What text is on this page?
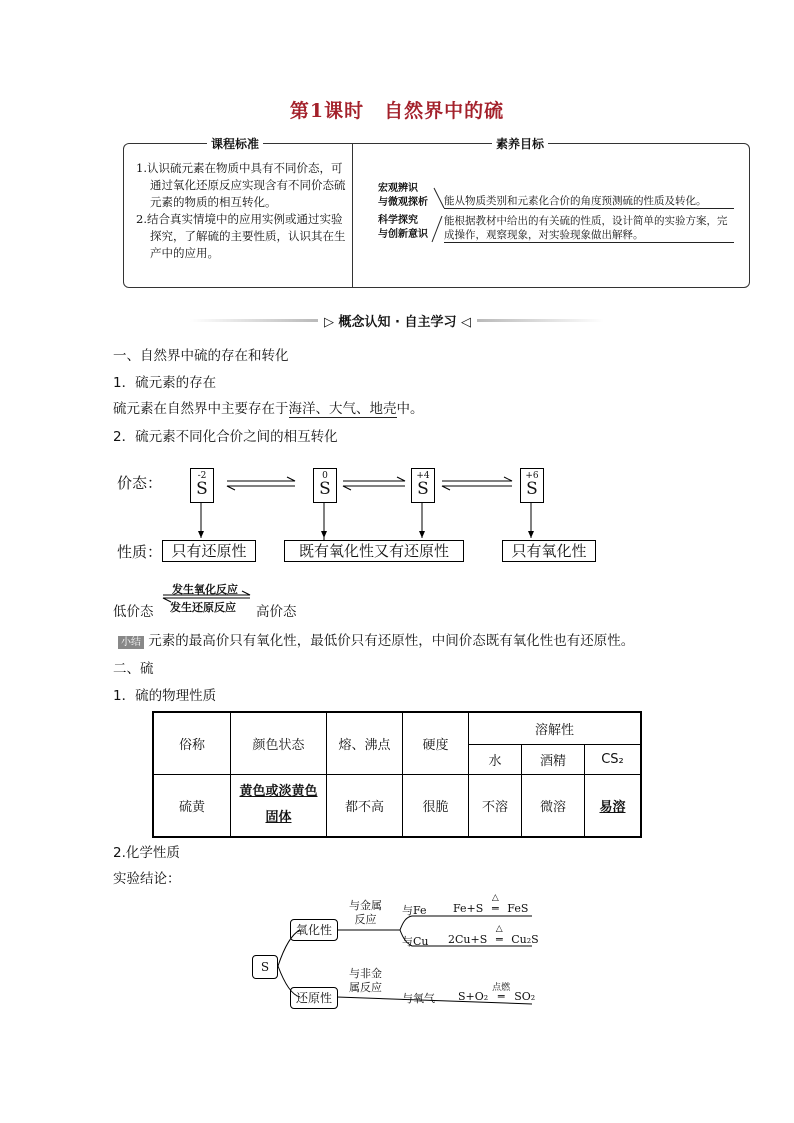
第1课时　自然界中的硫
课程标准	素养目标

1.认识硫元素在物质中具有不同价态，可通过氧化还原反应实现含有不同价态硫元素的物质的相互转化。

2.结合真实情境中的应用实例或通过实验探究，了解硫的主要性质，认识其在生产中的应用。

宏观辨识
与微观探析 能从物质类别和元素化合价的角度预测硫的性质及转化。
科学探究
与创新意识
能根据教材中给出的有关硫的性质，设计简单的实验方案，完成操作，观察现象，对实验现象做出解释。
▷ 概念认知 · 自主学习 ◁
一、自然界中硫的存在和转化
1．硫元素的存在
硫元素在自然界中主要存在于海洋、大气、地壳中。
2．硫元素不同化合价之间的相互转化
价态：	-2
S
0
S
+4
S
+6
S
性质： 只有还原性	既有氧化性又有还原性	只有氧化性
发生氧化反应
发生还原反应
低价态	高价态
小结 元素的最高价只有氧化性，最低价只有还原性，中间价态既有氧化性也有还原性。
二、硫
1．硫的物理性质
俗称	颜色状态	熔、沸点	硬度	溶解性		
				水	酒精	CS₂
硫黄	黄色或淡黄色固体	都不高	很脆	不溶	微溶	易溶
2.化学性质
实验结论：
S
氧化性
还原性
与金属
反应
与非金
属反应
与Fe
与Cu
与氧气
Fe+S
△
═ FeS
2Cu+S
△
═ Cu₂S
S+O₂
点燃
═ SO₂
